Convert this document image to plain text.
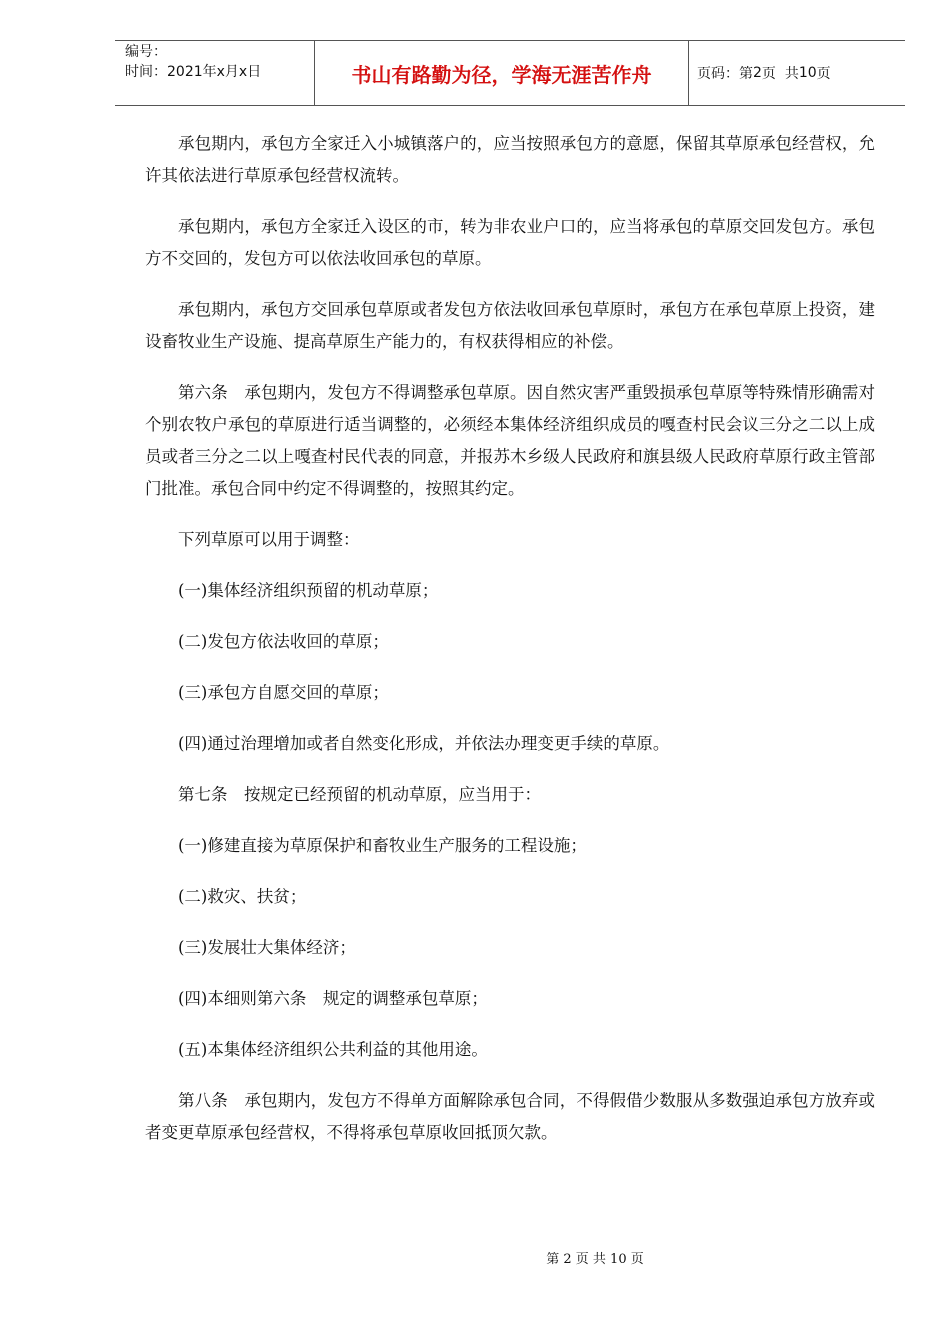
编号：
时间：2021年x月x日	书山有路勤为径，学海无涯苦作舟	页码：第 2 页  共 10 页

承包期内，承包方全家迁入小城镇落户的，应当按照承包方的意愿，保留其草原承包经营权，允许其依法进行草原承包经营权流转。

承包期内，承包方全家迁入设区的市，转为非农业户口的，应当将承包的草原交回发包方。承包方不交回的，发包方可以依法收回承包的草原。

承包期内，承包方交回承包草原或者发包方依法收回承包草原时，承包方在承包草原上投资，建设畜牧业生产设施、提高草原生产能力的，有权获得相应的补偿。

第六条　承包期内，发包方不得调整承包草原。因自然灾害严重毁损承包草原等特殊情形确需对个别农牧户承包的草原进行适当调整的，必须经本集体经济组织成员的嘎查村民会议三分之二以上成员或者三分之二以上嘎查村民代表的同意，并报苏木乡级人民政府和旗县级人民政府草原行政主管部门批准。承包合同中约定不得调整的，按照其约定。

下列草原可以用于调整：

(一)集体经济组织预留的机动草原；

(二)发包方依法收回的草原；

(三)承包方自愿交回的草原；

(四)通过治理增加或者自然变化形成，并依法办理变更手续的草原。

第七条　按规定已经预留的机动草原，应当用于：

(一)修建直接为草原保护和畜牧业生产服务的工程设施；

(二)救灾、扶贫；

(三)发展壮大集体经济；

(四)本细则第六条　规定的调整承包草原；

(五)本集体经济组织公共利益的其他用途。

第八条　承包期内，发包方不得单方面解除承包合同，不得假借少数服从多数强迫承包方放弃或者变更草原承包经营权，不得将承包草原收回抵顶欠款。

第 2 页 共 10 页
